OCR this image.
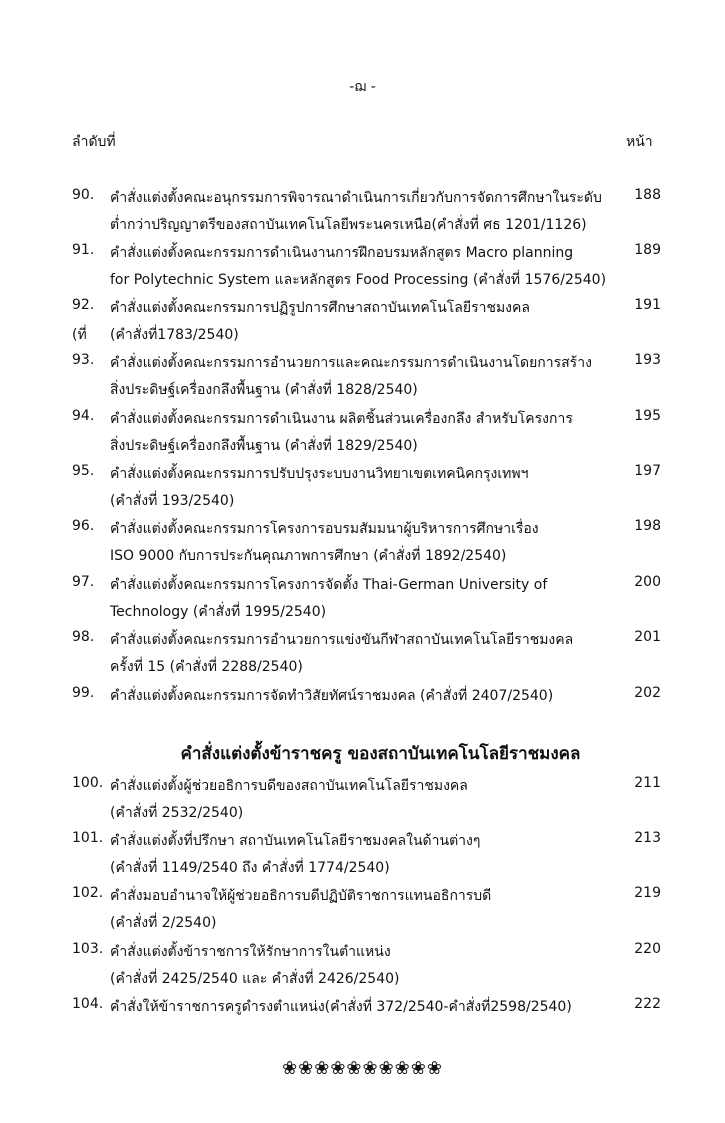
-ฌ -
ลำดับที่	หน้า
90. คำสั่งแต่งตั้งคณะอนุกรรมการพิจารณาดำเนินการเกี่ยวกับการจัดการศึกษาในระดับ
ต่ำกว่าปริญญาตรีของสถาบันเทคโนโลยีพระนครเหนือ(คำสั่งที่ ศธ 1201/1126)
188
91. คำสั่งแต่งตั้งคณะกรรมการดำเนินงานการฝึกอบรมหลักสูตร Macro planning
for Polytechnic System และหลักสูตร Food Processing (คำสั่งที่ 1576/2540)
189
92. คำสั่งแต่งตั้งคณะกรรมการปฏิรูปการศึกษาสถาบันเทคโนโลยีราชมงคล
(ที่ (คำสั่งที่1783/2540)
191
93. คำสั่งแต่งตั้งคณะกรรมการอำนวยการและคณะกรรมการดำเนินงานโดยการสร้าง
สิ่งประดิษฐ์เครื่องกลึงพื้นฐาน (คำสั่งที่ 1828/2540)
193
94. คำสั่งแต่งตั้งคณะกรรมการดำเนินงาน ผลิตชิ้นส่วนเครื่องกลึง สำหรับโครงการ
สิ่งประดิษฐ์เครื่องกลึงพื้นฐาน (คำสั่งที่ 1829/2540)
195
95. คำสั่งแต่งตั้งคณะกรรมการปรับปรุงระบบงานวิทยาเขตเทคนิคกรุงเทพฯ
(คำสั่งที่ 193/2540)
197
96. คำสั่งแต่งตั้งคณะกรรมการโครงการอบรมสัมมนาผู้บริหารการศึกษาเรื่อง
ISO 9000 กับการประกันคุณภาพการศึกษา (คำสั่งที่ 1892/2540)
198
97. คำสั่งแต่งตั้งคณะกรรมการโครงการจัดตั้ง Thai-German University of
Technology (คำสั่งที่ 1995/2540)
200
98. คำสั่งแต่งตั้งคณะกรรมการอำนวยการแข่งขันกีฬาสถาบันเทคโนโลยีราชมงคล
ครั้งที่ 15 (คำสั่งที่ 2288/2540)
201
99. คำสั่งแต่งตั้งคณะกรรมการจัดทำวิสัยทัศน์ราชมงคล (คำสั่งที่ 2407/2540)	202
คำสั่งแต่งตั้งข้าราชครู ของสถาบันเทคโนโลยีราชมงคล
100. คำสั่งแต่งตั้งผู้ช่วยอธิการบดีของสถาบันเทคโนโลยีราชมงคล
(คำสั่งที่ 2532/2540)
211
101. คำสั่งแต่งตั้งที่ปรึกษา สถาบันเทคโนโลยีราชมงคลในด้านต่างๆ
(คำสั่งที่ 1149/2540 ถึง คำสั่งที่ 1774/2540)
213
102. คำสั่งมอบอำนาจให้ผู้ช่วยอธิการบดีปฏิบัติราชการแทนอธิการบดี
(คำสั่งที่ 2/2540)
219
103. คำสั่งแต่งตั้งข้าราชการให้รักษาการในตำแหน่ง
(คำสั่งที่ 2425/2540 และ คำสั่งที่ 2426/2540)
220
104. คำสั่งให้ข้าราชการครูดำรงตำแหน่ง(คำสั่งที่ 372/2540-คำสั่งที่2598/2540)	222
❀❀❀❀❀❀❀❀❀❀
